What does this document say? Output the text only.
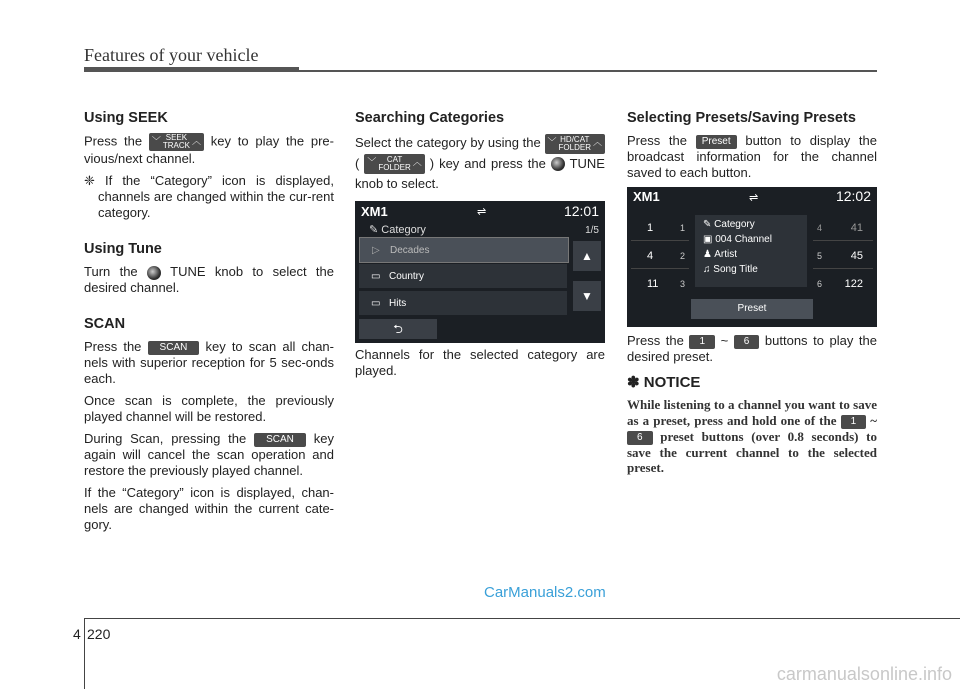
Features of your vehicle
Using SEEK

Press the ﹀ SEEK
TRACK ︿ key to play the pre-vious/next channel.

❈ If the “Category” icon is displayed, channels are changed within the cur-rent category.

Using Tune

Turn the TUNE knob to select the desired channel.

SCAN

Press the SCAN key to scan all chan-nels with superior reception for 5 sec-onds each.

Once scan is complete, the previously played channel will be restored.

During Scan, pressing the SCAN key again will cancel the scan operation and restore the previously played channel.

If the “Category” icon is displayed, chan-nels are changed within the current cate-gory.

Searching Categories

Select the category by using the ﹀ HD/CAT
FOLDER
︿
( ﹀ CAT
FOLDER
︿ ) key and press the TUNE knob to select.

XM1	⇌	12:01
✎ Category	1/5
▷ Decades
▭ Country
▭ Hits
▲
▼
⮌

Channels for the selected category are played.

Selecting Presets/Saving Presets

Press the Preset button to display the broadcast information for the channel saved to each button.

XM1	⇌	12:02
1	1
4	2
11 3
✎ Category
▣ 004 Channel
♟ Artist
♫ Song Title
4	41
5	45
6 122
Preset

Press the 1 ~ 6 buttons to play the desired preset.

✽ NOTICE
While listening to a channel you want to save as a preset, press and hold one of the 1 ~ 6 preset buttons (over 0.8 seconds) to save the current channel to the selected preset.
CarManuals2.com
4 220
carmanualsonline.info
